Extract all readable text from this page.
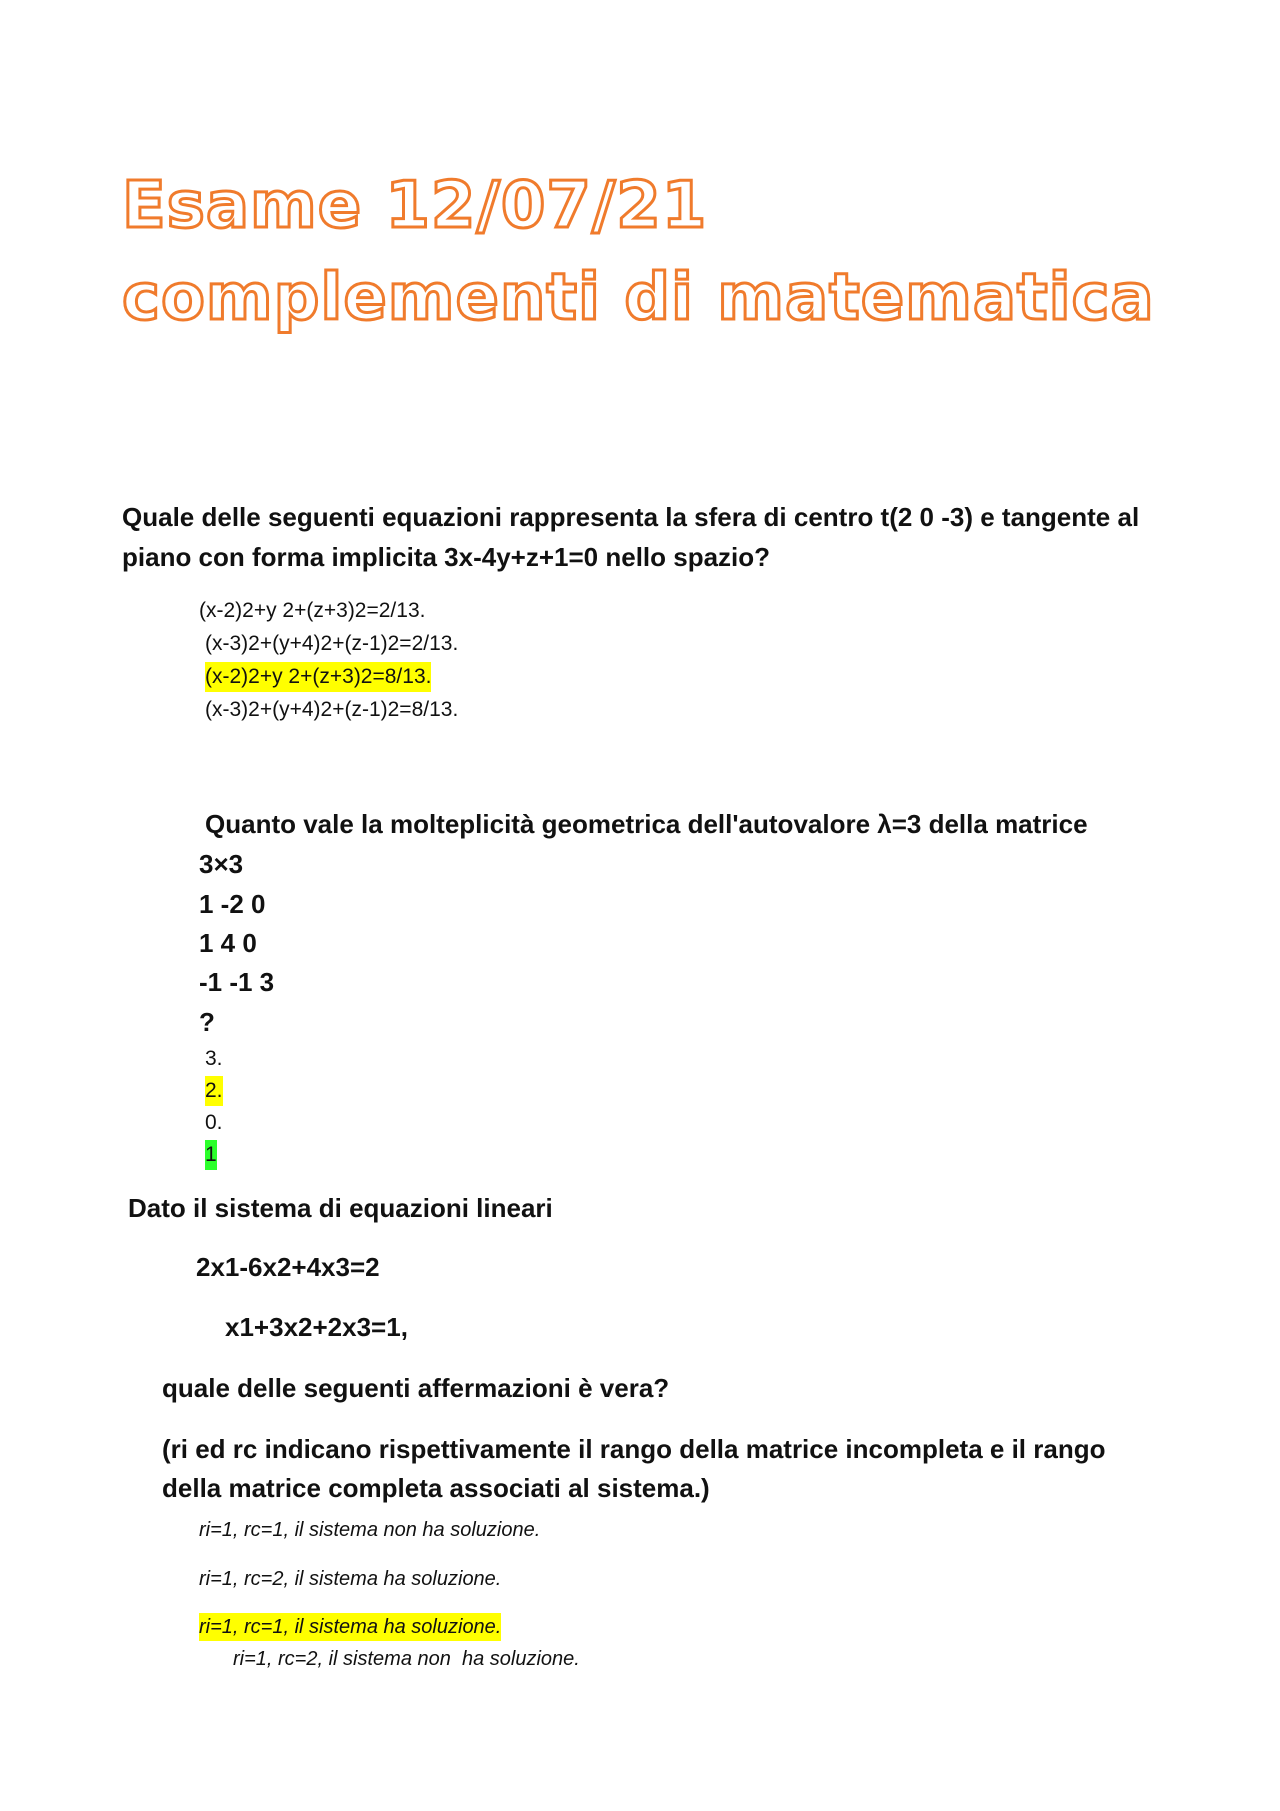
Esame 12/07/21 complementi di matematica
Quale delle seguenti equazioni rappresenta la sfera di centro t(2 0 -3) e tangente al
piano con forma implicita 3x-4y+z+1=0 nello spazio?
(x-2)2+y 2+(z+3)2=2/13.
(x-3)2+(y+4)2+(z-1)2=2/13.
(x-2)2+y 2+(z+3)2=8/13.
(x-3)2+(y+4)2+(z-1)2=8/13.
Quanto vale la molteplicità geometrica dell'autovalore λ=3 della matrice
3×3
1 -2 0
1 4 0
-1 -1 3
?
3.
2.
0.
1
Dato il sistema di equazioni lineari
2x1-6x2+4x3=2
x1+3x2+2x3=1,
quale delle seguenti affermazioni è vera?
(ri ed rc indicano rispettivamente il rango della matrice incompleta e il rango
della matrice completa associati al sistema.)
ri=1, rc=1, il sistema non ha soluzione.
ri=1, rc=2, il sistema ha soluzione.
ri=1, rc=1, il sistema ha soluzione.
ri=1, rc=2, il sistema non  ha soluzione.
